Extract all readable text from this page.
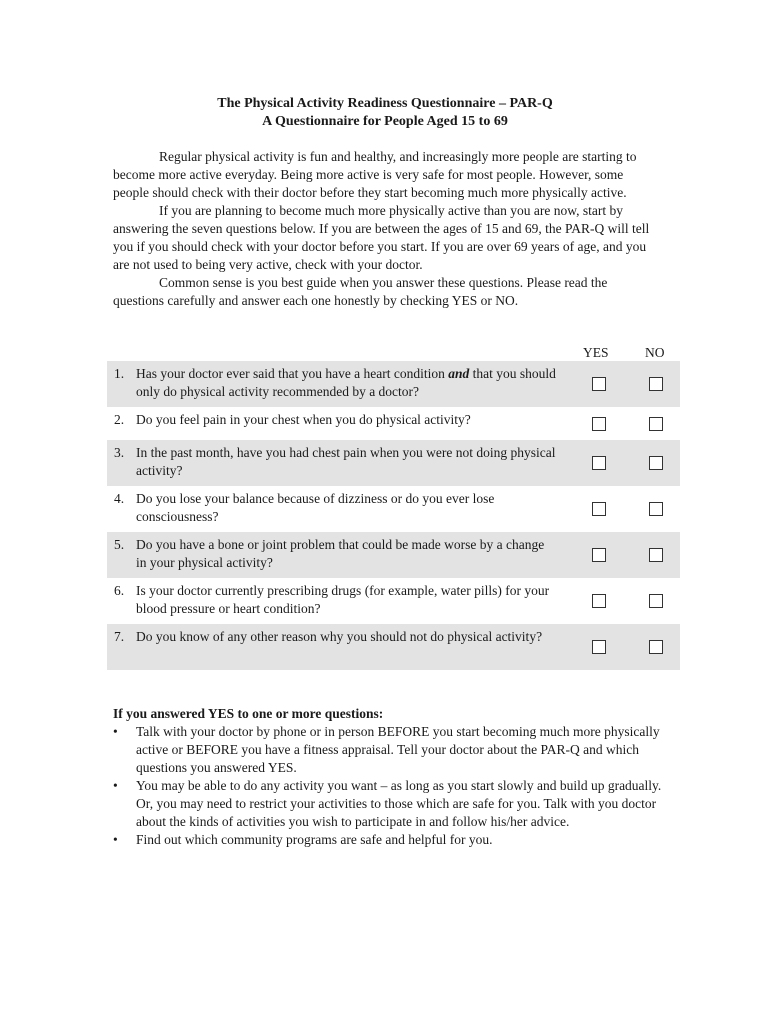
The Physical Activity Readiness Questionnaire – PAR-Q
A Questionnaire for People Aged 15 to 69

Regular physical activity is fun and healthy, and increasingly more people are starting to become more active everyday. Being more active is very safe for most people. However, some people should check with their doctor before they start becoming much more physically active.

If you are planning to become much more physically active than you are now, start by answering the seven questions below. If you are between the ages of 15 and 69, the PAR-Q will tell you if you should check with your doctor before you start. If you are over 69 years of age, and you are not used to being very active, check with your doctor.

Common sense is you best guide when you answer these questions. Please read the questions carefully and answer each one honestly by checking YES or NO.

YES	NO
1. Has your doctor ever said that you have a heart condition and that you should only do physical activity recommended by a doctor?
2. Do you feel pain in your chest when you do physical activity?
3. In the past month, have you had chest pain when you were not doing physical activity?
4. Do you lose your balance because of dizziness or do you ever lose consciousness?
5. Do you have a bone or joint problem that could be made worse by a change in your physical activity?
6. Is your doctor currently prescribing drugs (for example, water pills) for your blood pressure or heart condition?
7. Do you know of any other reason why you should not do physical activity?

If you answered YES to one or more questions:

• Talk with your doctor by phone or in person BEFORE you start becoming much more physically active or BEFORE you have a fitness appraisal. Tell your doctor about the PAR-Q and which questions you answered YES.
• You may be able to do any activity you want – as long as you start slowly and build up gradually. Or, you may need to restrict your activities to those which are safe for you. Talk with you doctor about the kinds of activities you wish to participate in and follow his/her advice.
• Find out which community programs are safe and helpful for you.
